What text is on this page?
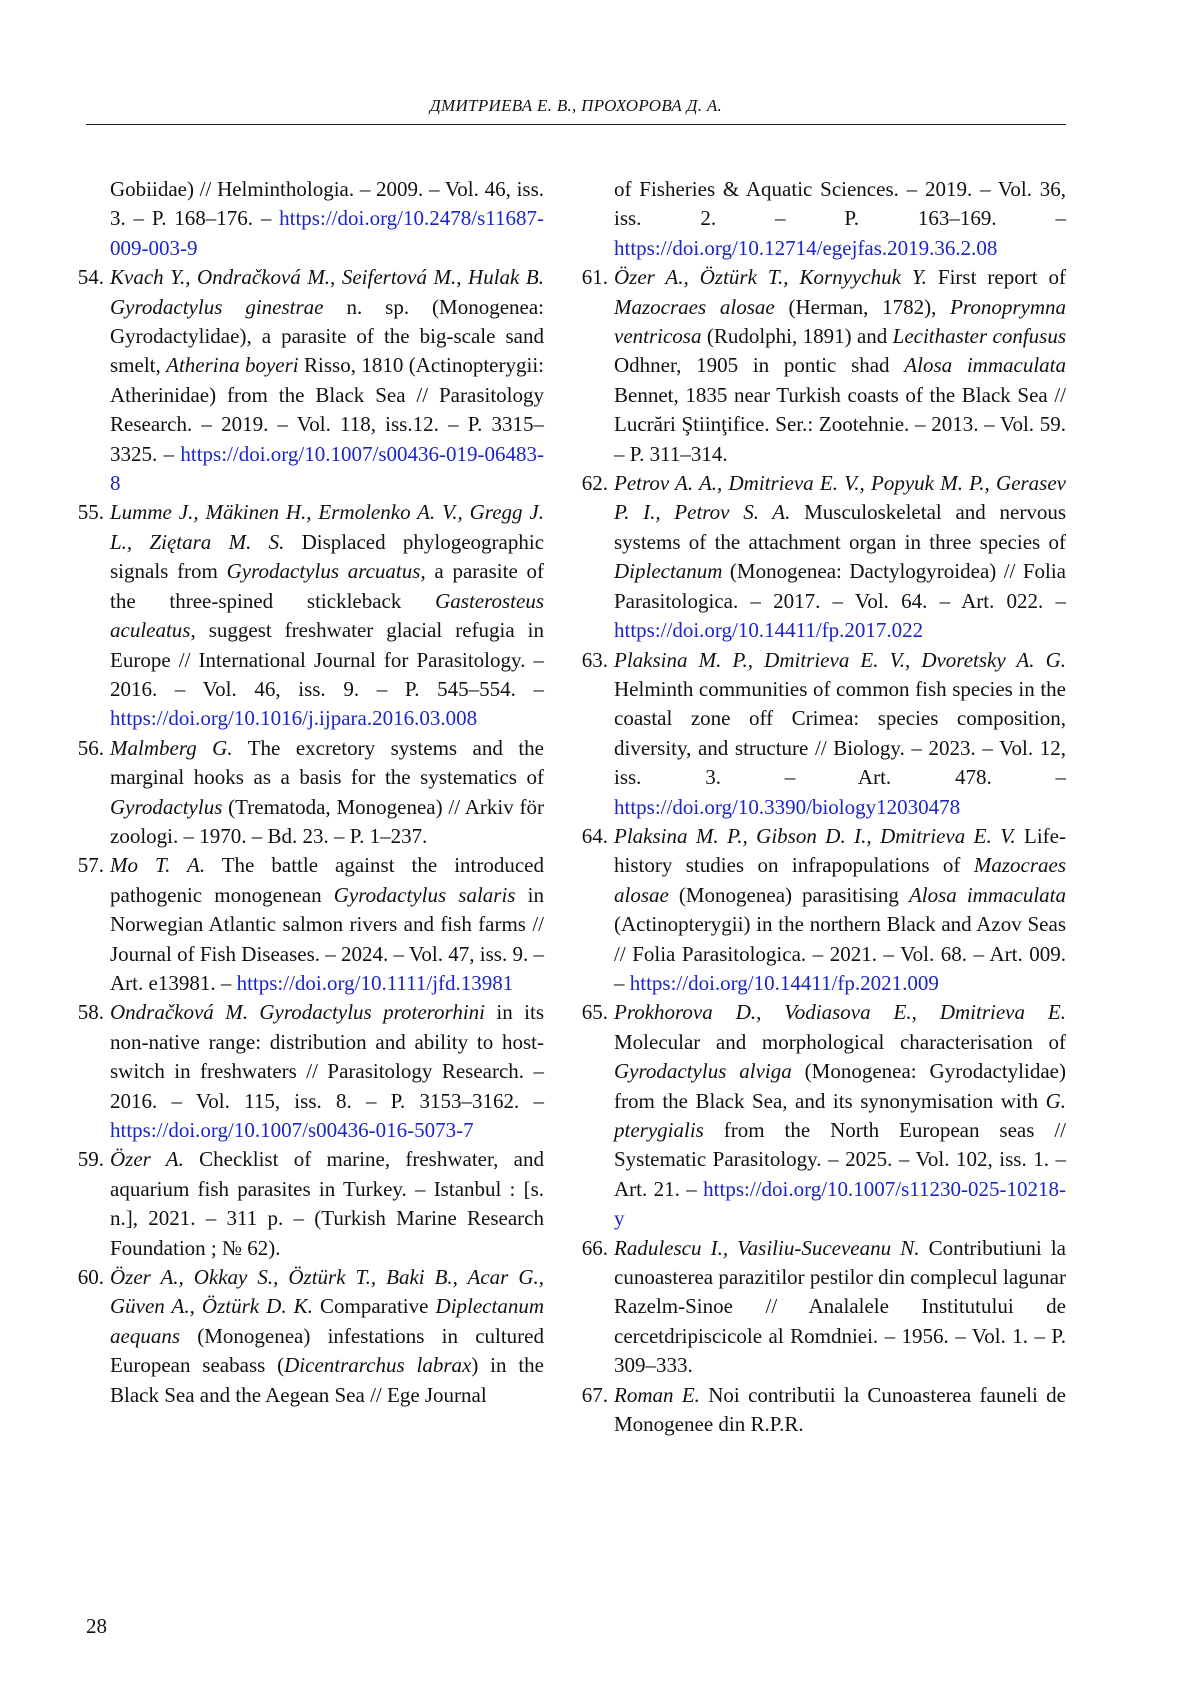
ДМИТРИЕВА Е. В., ПРОХОРОВА Д. А.
Gobiidae) // Helminthologia. – 2009. – Vol. 46, iss. 3. – P. 168–176. – https://doi.org/10.2478/s11687-009-003-9
54. Kvach Y., Ondračková M., Seifertová M., Hulak B. Gyrodactylus ginestrae n. sp. (Monogenea: Gyrodactylidae), a parasite of the big-scale sand smelt, Atherina boyeri Risso, 1810 (Actinopterygii: Atherinidae) from the Black Sea // Parasitology Research. – 2019. – Vol. 118, iss.12. – P. 3315–3325. – https://doi.org/10.1007/s00436-019-06483-8
55. Lumme J., Mäkinen H., Ermolenko A. V., Gregg J. L., Ziętara M. S. Displaced phylogeographic signals from Gyrodactylus arcuatus, a parasite of the three-spined stickleback Gasterosteus aculeatus, suggest freshwater glacial refugia in Europe // International Journal for Parasitology. – 2016. – Vol. 46, iss. 9. – P. 545–554. – https://doi.org/10.1016/j.ijpara.2016.03.008
56. Malmberg G. The excretory systems and the marginal hooks as a basis for the systematics of Gyrodactylus (Trematoda, Monogenea) // Arkiv för zoologi. – 1970. – Bd. 23. – P. 1–237.
57. Mo T. A. The battle against the introduced pathogenic monogenean Gyrodactylus salaris in Norwegian Atlantic salmon rivers and fish farms // Journal of Fish Diseases. – 2024. – Vol. 47, iss. 9. – Art. e13981. – https://doi.org/10.1111/jfd.13981
58. Ondračková M. Gyrodactylus proterorhini in its non-native range: distribution and ability to host-switch in freshwaters // Parasitology Research. – 2016. – Vol. 115, iss. 8. – P. 3153–3162. – https://doi.org/10.1007/s00436-016-5073-7
59. Özer A. Checklist of marine, freshwater, and aquarium fish parasites in Turkey. – Istanbul : [s. n.], 2021. – 311 p. – (Turkish Marine Research Foundation ; № 62).
60. Özer A., Okkay S., Öztürk T., Baki B., Acar G., Güven A., Öztürk D. K. Comparative Diplectanum aequans (Monogenea) infestations in cultured European seabass (Dicentrarchus labrax) in the Black Sea and the Aegean Sea // Ege Journal
of Fisheries & Aquatic Sciences. – 2019. – Vol. 36, iss. 2. – P. 163–169. – https://doi.org/10.12714/egejfas.2019.36.2.08
61. Özer A., Öztürk T., Kornyychuk Y. First report of Mazocraes alosae (Herman, 1782), Pronoprymna ventricosa (Rudolphi, 1891) and Lecithaster confusus Odhner, 1905 in pontic shad Alosa immaculata Bennet, 1835 near Turkish coasts of the Black Sea // Lucrări Ştiinţifice. Ser.: Zootehnie. – 2013. – Vol. 59. – P. 311–314.
62. Petrov A. A., Dmitrieva E. V., Popyuk M. P., Gerasev P. I., Petrov S. A. Musculoskeletal and nervous systems of the attachment organ in three species of Diplectanum (Monogenea: Dactylogyroidea) // Folia Parasitologica. – 2017. – Vol. 64. – Art. 022. – https://doi.org/10.14411/fp.2017.022
63. Plaksina M. P., Dmitrieva E. V., Dvoretsky A. G. Helminth communities of common fish species in the coastal zone off Crimea: species composition, diversity, and structure // Biology. – 2023. – Vol. 12, iss. 3. – Art. 478. – https://doi.org/10.3390/biology12030478
64. Plaksina M. P., Gibson D. I., Dmitrieva E. V. Life-history studies on infrapopulations of Mazocraes alosae (Monogenea) parasitising Alosa immaculata (Actinopterygii) in the northern Black and Azov Seas // Folia Parasitologica. – 2021. – Vol. 68. – Art. 009. – https://doi.org/10.14411/fp.2021.009
65. Prokhorova D., Vodiasova E., Dmitrieva E. Molecular and morphological characterisation of Gyrodactylus alviga (Monogenea: Gyrodactylidae) from the Black Sea, and its synonymisation with G. pterygialis from the North European seas // Systematic Parasitology. – 2025. – Vol. 102, iss. 1. – Art. 21. – https://doi.org/10.1007/s11230-025-10218-y
66. Radulescu I., Vasiliu-Suceveanu N. Contributiuni la cunoasterea parazitilor pestilor din complecul lagunar Razelm-Sinoe // Analalele Institutului de cercetdripiscicole al Romdniei. – 1956. – Vol. 1. – P. 309–333.
67. Roman E. Noi contributii la Cunoasterea fauneli de Monogenee din R.P.R.
28
